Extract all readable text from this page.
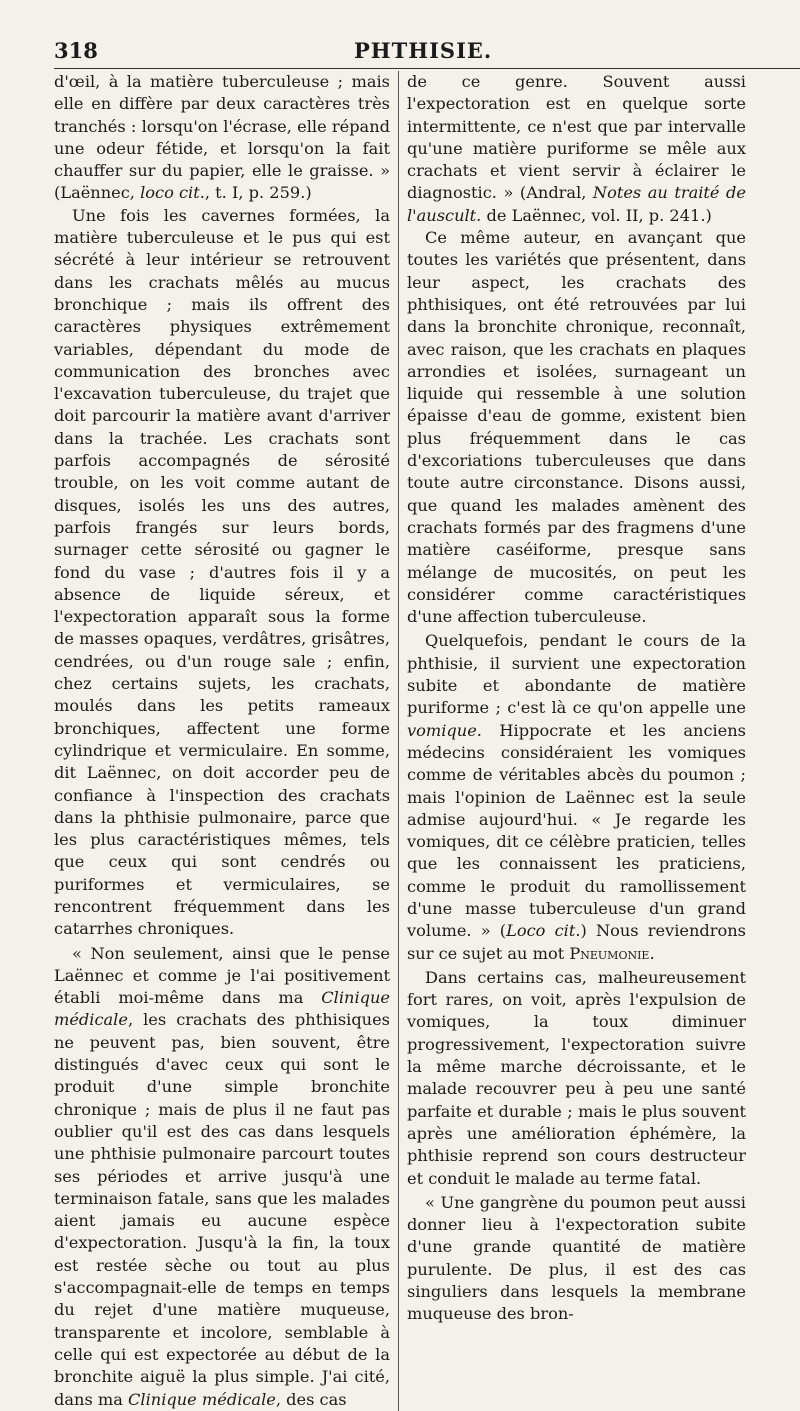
318	PHTHISIE.

d'œil, à la matière tuberculeuse ; mais elle en diffère par deux caractères très tranchés : lorsqu'on l'écrase, elle répand une odeur fétide, et lorsqu'on la fait chauffer sur du papier, elle le graisse. » (Laënnec, loco cit., t. I, p. 259.)

Une fois les cavernes formées, la matière tuberculeuse et le pus qui est sécrété à leur intérieur se retrouvent dans les crachats mêlés au mucus bronchique ; mais ils offrent des caractères physiques extrêmement variables, dépendant du mode de communication des bronches avec l'excavation tuberculeuse, du trajet que doit parcourir la matière avant d'arriver dans la trachée. Les crachats sont parfois accompagnés de sérosité trouble, on les voit comme autant de disques, isolés les uns des autres, parfois frangés sur leurs bords, surnager cette sérosité ou gagner le fond du vase ; d'autres fois il y a absence de liquide séreux, et l'expectoration apparaît sous la forme de masses opaques, verdâtres, grisâtres, cendrées, ou d'un rouge sale ; enfin, chez certains sujets, les crachats, moulés dans les petits rameaux bronchiques, affectent une forme cylindrique et vermiculaire. En somme, dit Laënnec, on doit accorder peu de confiance à l'inspection des crachats dans la phthisie pulmonaire, parce que les plus caractéristiques mêmes, tels que ceux qui sont cendrés ou puriformes et vermiculaires, se rencontrent fréquemment dans les catarrhes chroniques.

« Non seulement, ainsi que le pense Laënnec et comme je l'ai positivement établi moi-même dans ma Clinique médicale, les crachats des phthisiques ne peuvent pas, bien souvent, être distingués d'avec ceux qui sont le produit d'une simple bronchite chronique ; mais de plus il ne faut pas oublier qu'il est des cas dans lesquels une phthisie pulmonaire parcourt toutes ses périodes et arrive jusqu'à une terminaison fatale, sans que les malades aient jamais eu aucune espèce d'expectoration. Jusqu'à la fin, la toux est restée sèche ou tout au plus s'accompagnait-elle de temps en temps du rejet d'une matière muqueuse, transparente et incolore, semblable à celle qui est expectorée au début de la bronchite aiguë la plus simple. J'ai cité, dans ma Clinique médicale, des cas

de ce genre. Souvent aussi l'expectoration est en quelque sorte intermittente, ce n'est que par intervalle qu'une matière puriforme se mêle aux crachats et vient servir à éclairer le diagnostic. » (Andral, Notes au traité de l'auscult. de Laënnec, vol. II, p. 241.)

Ce même auteur, en avançant que toutes les variétés que présentent, dans leur aspect, les crachats des phthisiques, ont été retrouvées par lui dans la bronchite chronique, reconnaît, avec raison, que les crachats en plaques arrondies et isolées, surnageant un liquide qui ressemble à une solution épaisse d'eau de gomme, existent bien plus fréquemment dans le cas d'excoriations tuberculeuses que dans toute autre circonstance. Disons aussi, que quand les malades amènent des crachats formés par des fragmens d'une matière caséiforme, presque sans mélange de mucosités, on peut les considérer comme caractéristiques d'une affection tuberculeuse.

Quelquefois, pendant le cours de la phthisie, il survient une expectoration subite et abondante de matière puriforme ; c'est là ce qu'on appelle une vomique. Hippocrate et les anciens médecins considéraient les vomiques comme de véritables abcès du poumon ; mais l'opinion de Laënnec est la seule admise aujourd'hui. « Je regarde les vomiques, dit ce célèbre praticien, telles que les connaissent les praticiens, comme le produit du ramollissement d'une masse tuberculeuse d'un grand volume. » (Loco cit.) Nous reviendrons sur ce sujet au mot Pneumonie.

Dans certains cas, malheureusement fort rares, on voit, après l'expulsion de vomiques, la toux diminuer progressivement, l'expectoration suivre la même marche décroissante, et le malade recouvrer peu à peu une santé parfaite et durable ; mais le plus souvent après une amélioration éphémère, la phthisie reprend son cours destructeur et conduit le malade au terme fatal.

« Une gangrène du poumon peut aussi donner lieu à l'expectoration subite d'une grande quantité de matière purulente. De plus, il est des cas singuliers dans lesquels la membrane muqueuse des bron-
